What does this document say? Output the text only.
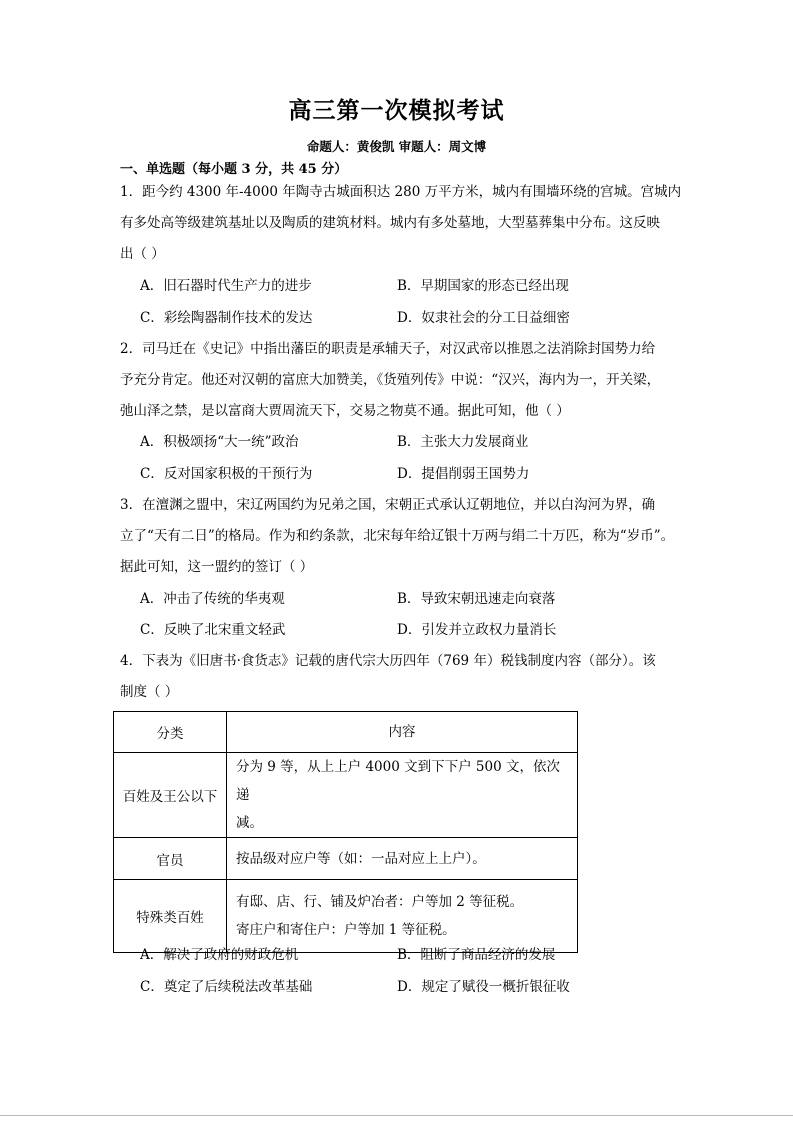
高三第一次模拟考试
命题人：黄俊凯 审题人：周文博
一、单选题（每小题 3 分，共 45 分）
1．距今约 4300 年-4000 年陶寺古城面积达 280 万平方米，城内有围墙环绕的宫城。宫城内
有多处高等级建筑基址以及陶质的建筑材料。城内有多处墓地，大型墓葬集中分布。这反映
出（ ）
A．旧石器时代生产力的进步	B．早期国家的形态已经出现
C．彩绘陶器制作技术的发达	D．奴隶社会的分工日益细密
2．司马迁在《史记》中指出藩臣的职责是承辅天子，对汉武帝以推恩之法消除封国势力给
予充分肯定。他还对汉朝的富庶大加赞美，《货殖列传》中说：“汉兴，海内为一，开关梁，
弛山泽之禁，是以富商大贾周流天下，交易之物莫不通。据此可知，他（ ）
A．积极颂扬“大一统”政治	B．主张大力发展商业
C．反对国家积极的干预行为	D．提倡削弱王国势力
3．在澶渊之盟中，宋辽两国约为兄弟之国，宋朝正式承认辽朝地位，并以白沟河为界，确
立了“天有二日”的格局。作为和约条款，北宋每年给辽银十万两与绢二十万匹，称为“岁币”。
据此可知，这一盟约的签订（ ）
A．冲击了传统的华夷观	B．导致宋朝迅速走向衰落
C．反映了北宋重文轻武	D．引发并立政权力量消长
4．下表为《旧唐书·食货志》记载的唐代宗大历四年（769 年）税钱制度内容（部分）。该
制度（ ）
分类	内容
百姓及王公以下	分为 9 等，从上上户 4000 文到下下户 500 文，依次递
减。

官员	按品级对应户等（如：一品对应上上户）。

特殊类百姓	有邸、店、行、铺及炉冶者：户等加 2 等征税。
寄庄户和寄住户：户等加 1 等征税。
A．解决了政府的财政危机	B．阻断了商品经济的发展
C．奠定了后续税法改革基础	D．规定了赋役一概折银征收
